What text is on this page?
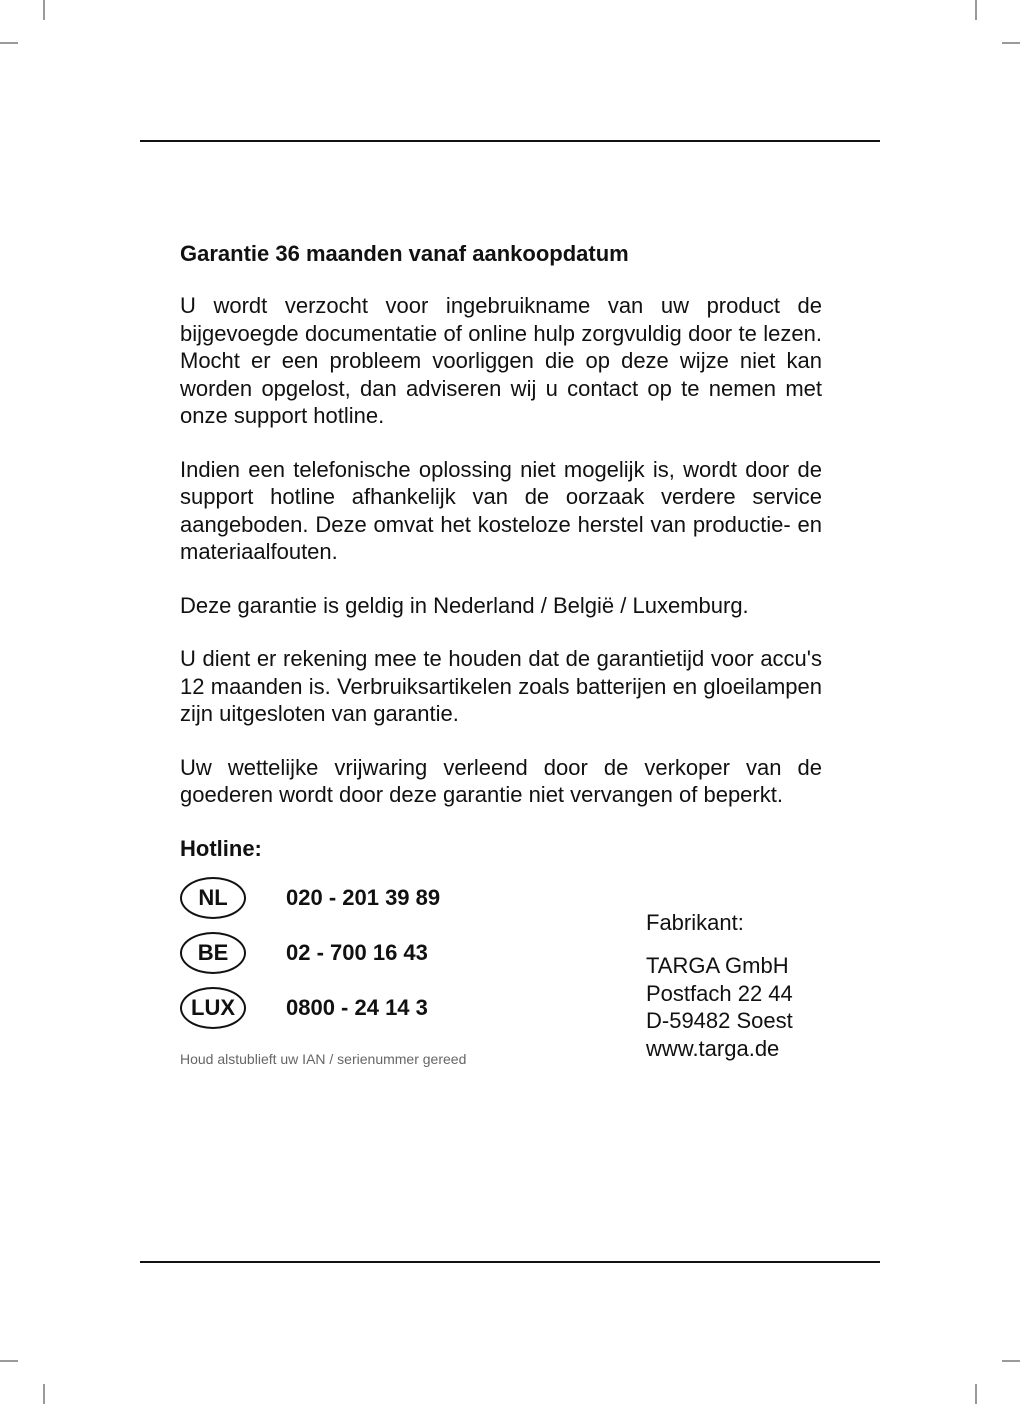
Garantie 36 maanden vanaf aankoopdatum

U wordt verzocht voor ingebruikname van uw product de bijgevoegde documentatie of online hulp zorgvuldig door te lezen. Mocht er een probleem voorliggen die op deze wijze niet kan worden opgelost, dan adviseren wij u contact op te nemen met onze support hotline.

Indien een telefonische oplossing niet mogelijk is, wordt door de support hotline afhankelijk van de oorzaak verdere service aangeboden. Deze omvat het kosteloze herstel van productie- en materiaalfouten.

Deze garantie is geldig in Nederland / België / Luxemburg.

U dient er rekening mee te houden dat de garantietijd voor accu's 12 maanden is. Verbruiksartikelen zoals batterijen en gloeilampen zijn uitgesloten van garantie.

Uw wettelijke vrijwaring verleend door de verkoper van de goederen wordt door deze garantie niet vervangen of beperkt.

Hotline:

NL	020 - 201 39 89
BE	02 - 700 16 43
LUX	0800 - 24 14 3
Houd alstublieft uw IAN / serienummer gereed

Fabrikant:

TARGA GmbH

Postfach 22 44

D-59482 Soest

www.targa.de
